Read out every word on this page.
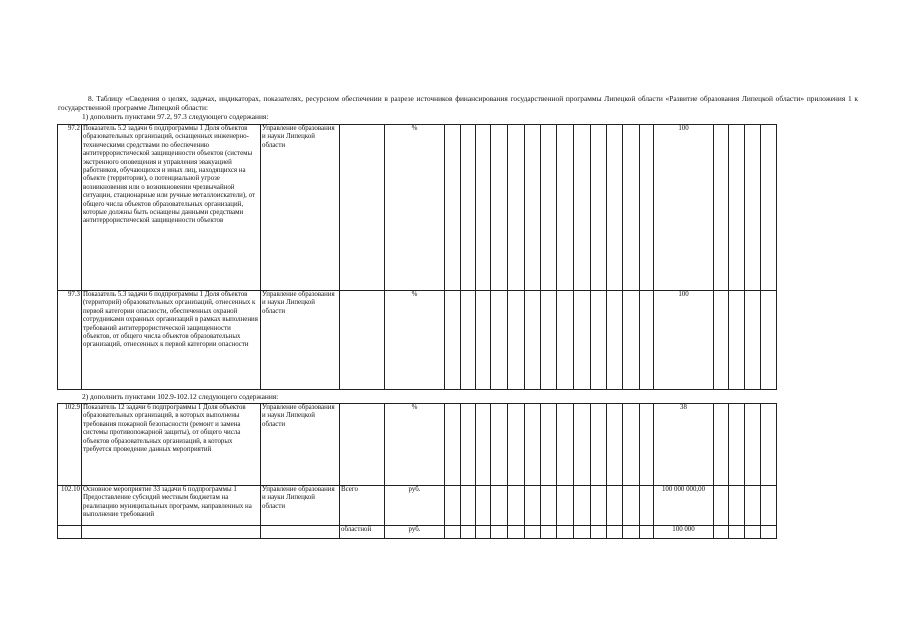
8. Таблицу «Сведения о целях, задачах, индикаторах, показателях, ресурсном обеспечении в разрезе источников финансирования государственной программы Липецкой области «Развитие образования Липецкой области» приложения 1 к государственной программе Липецкой области:
1) дополнить пунктами 97.2, 97.3 следующего содержания:
97.2	Показатель 5.2 задачи 6 подпрограммы 1 Доля объектов образовательных организаций, оснащенных инженерно-техническими средствами по обеспечению антитеррористической защищенности объектов (системы экстренного оповещения и управления эвакуацией работников, обучающихся и иных лиц, находящихся на объекте (территории), о потенциальной угрозе возникновения или о возникновении чрезвычайной ситуации, стационарные или ручные металлоискатели), от общего числа объектов образовательных организаций, которые должны быть оснащены данными средствами антитеррористической защищенности объектов	Управление образования и науки Липецкой области		%														100				
97.3	Показатель 5.3 задачи 6 подпрограммы 1 Доля объектов (территорий) образовательных организаций, отнесенных к первой категории опасности, обеспеченных охраной сотрудниками охранных организаций в рамках выполнения требований антитеррористической защищенности объектов, от общего числа объектов образовательных организаций, отнесенных к первой категории опасности	Управление образования и науки Липецкой области		%														100				
2) дополнить пунктами 102.9-102.12 следующего содержания:
102.9	Показатель 12 задачи 6 подпрограммы 1 Доля объектов образовательных организаций, в которых выполнены требования пожарной безопасности (ремонт и замена системы противопожарной защиты), от общего числа объектов образовательных организаций, в которых требуется проведение данных мероприятий	Управление образования и науки Липецкой области		%														38				
102.10	Основное мероприятие 33 задачи 6 подпрограммы 1 Предоставление субсидий местным бюджетам на реализацию муниципальных программ, направленных на выполнение требований	Управление образования и науки Липецкой области	Всего	руб.														100 000 000,00				
			областной	руб.														100 000				
